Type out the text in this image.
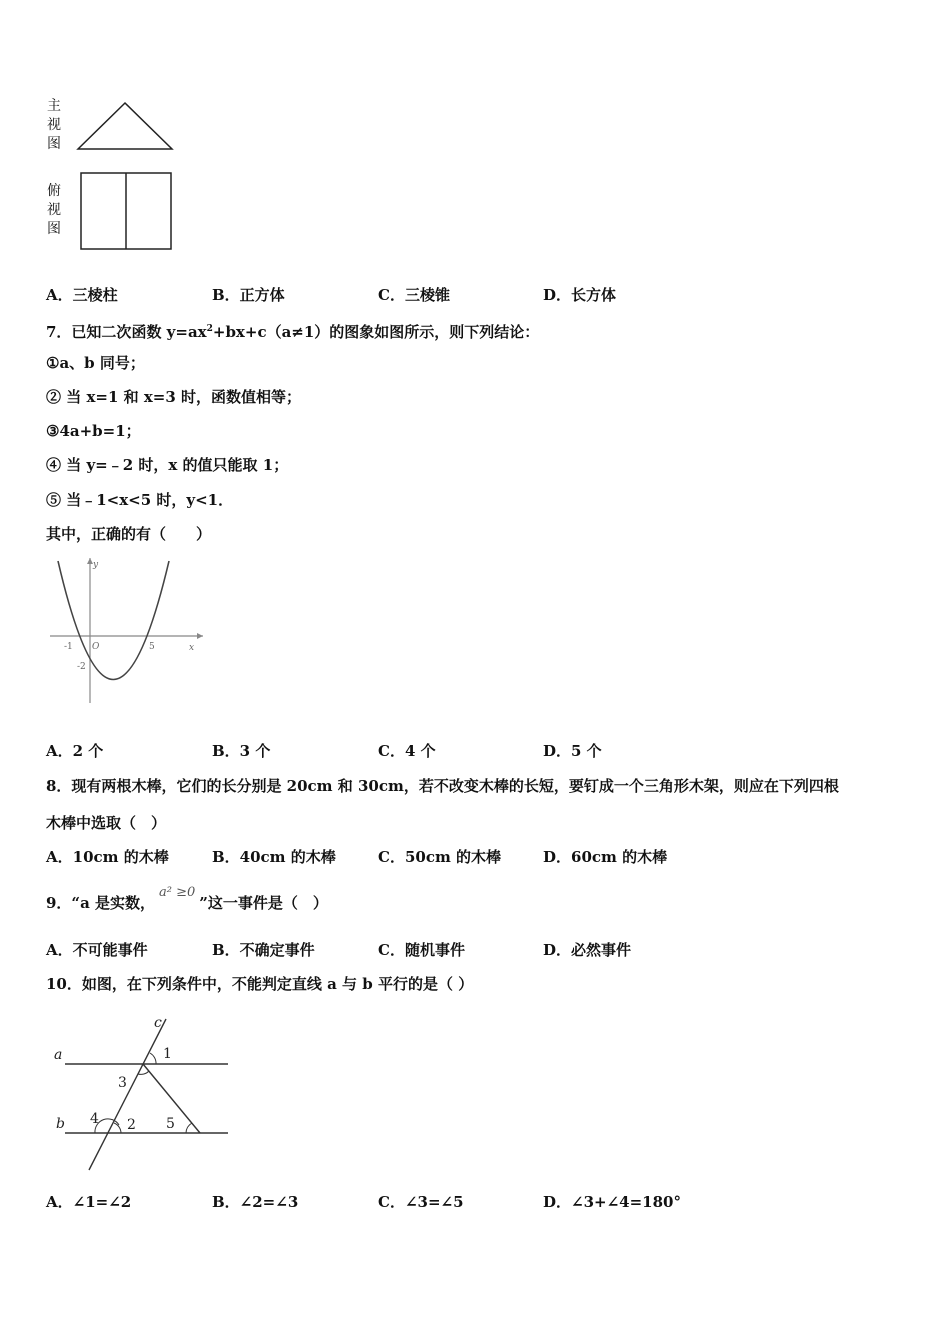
主
视
图
俯
视
图
A．三棱柱	B．正方体	C．三棱锥	D．长方体
7．已知二次函数 $y=ax^2+bx+c(a\ne 1)$的图象如图所示，则下列结论：
①a、b 同号；
② 当 x=1 和 x=3 时，函数值相等；
③4a+b=1；
④ 当 y=﹣2 时，x 的值只能取 1；
⑤ 当﹣1<x<5 时，y<1．
其中，正确的有（　　）
y
x
O
-1	5
-2
A．2 个	B．3 个	C．4 个	D．5 个
8．现有两根木棒，它们的长分别是 20cm 和 30cm，若不改变木棒的长短，要钉成一个三角形木架，则应在下列四根
木棒中选取（　）
A．10cm 的木棒	B．40cm 的木棒	C．50cm 的木棒	D．60cm 的木棒
9．“a 是实数，a² ≥0”这一事件是（　）
A．不可能事件	B．不确定事件	C．随机事件	D．必然事件
10．如图，在下列条件中，不能判定直线 a 与 b 平行的是（ ）
c
a
b
1
3
4 2 5
A．∠1=∠2	B．∠2=∠3	C．∠3=∠5	D．∠3+∠4=180°
